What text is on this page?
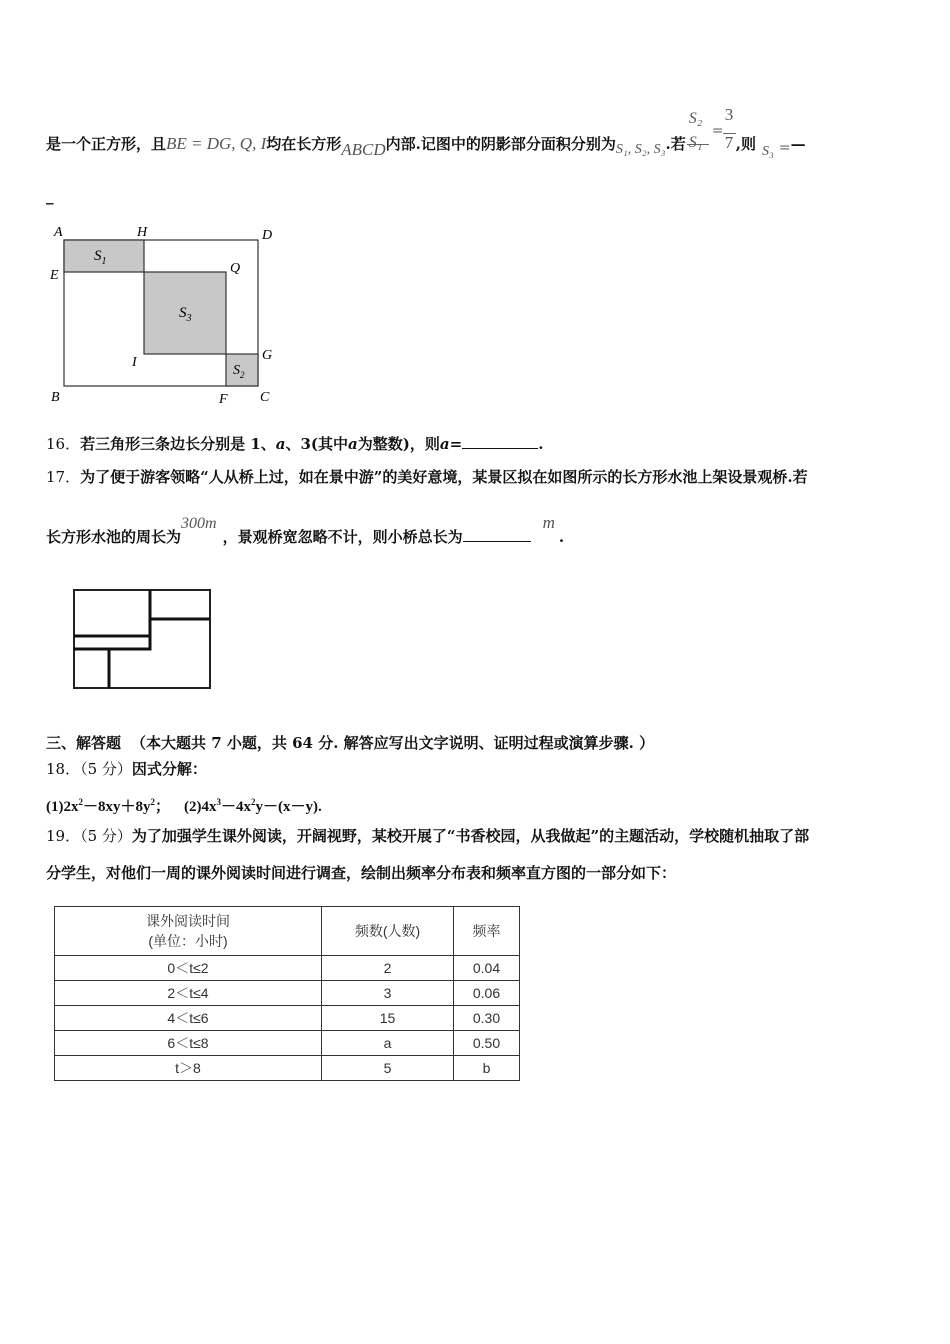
是一个正方形，且BE = DG, Q, I均在长方形ABCD内部.记图中的阴影部分面积分别为S₁, S₂, S₃.若
S₂
S₁
=
3
7 ,则 S₃ =—
_
A	H	D
E	Q
I	G
B	F C
$S_1$
$S_3$
$S_2$
16．若三角形三条边长分别是 1、a、3(其中a为整数)，则a=	.
17．为了便于游客领略“人从桥上过，如在景中游”的美好意境，某景区拟在如图所示的长方形水池上架设景观桥.若
长方形水池的周长为300m，景观桥宽忽略不计，则小桥总长为m.
三、解答题 （本大题共 7 小题，共 64 分. 解答应写出文字说明、证明过程或演算步骤. ）
18．（5 分）因式分解：
$(1)2x^2-8xy+8y^2$； $(2)4x^3-4x^2y-(x-y)$.
19．（5 分）为了加强学生课外阅读，开阔视野，某校开展了“书香校园，从我做起”的主题活动，学校随机抽取了部
分学生，对他们一周的课外阅读时间进行调查，绘制出频率分布表和频率直方图的一部分如下：
课外阅读时间
(单位：小时)	频数(人数)	频率
0＜t≤2	2	0.04
2＜t≤4	3	0.06
4＜t≤6	15	0.30
6＜t≤8	a	0.50
t＞8	5	b
